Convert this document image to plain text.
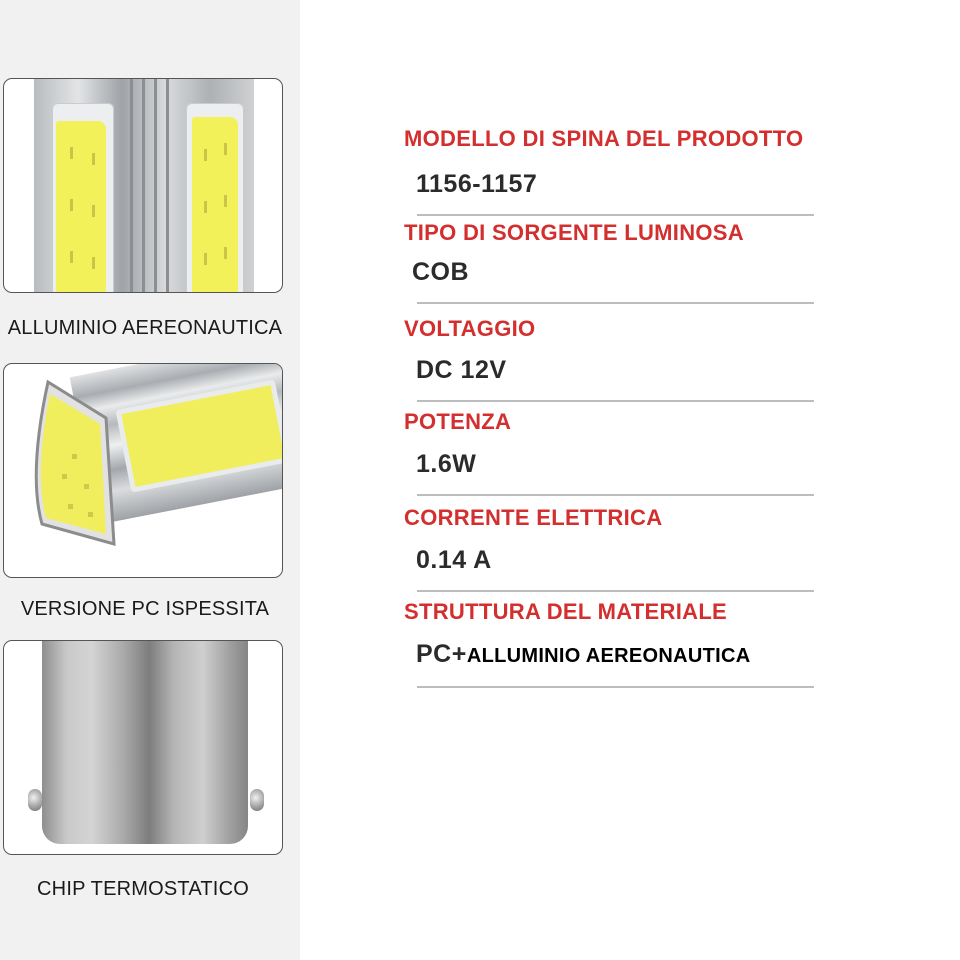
ALLUMINIO AEREONAUTICA
VERSIONE PC ISPESSITA
CHIP TERMOSTATICO
MODELLO DI SPINA DEL PRODOTTO
1156-1157
TIPO DI SORGENTE LUMINOSA
COB
VOLTAGGIO
DC 12V
POTENZA
1.6W
CORRENTE ELETTRICA
0.14 A
STRUTTURA DEL MATERIALE
PC+ALLUMINIO AEREONAUTICA
